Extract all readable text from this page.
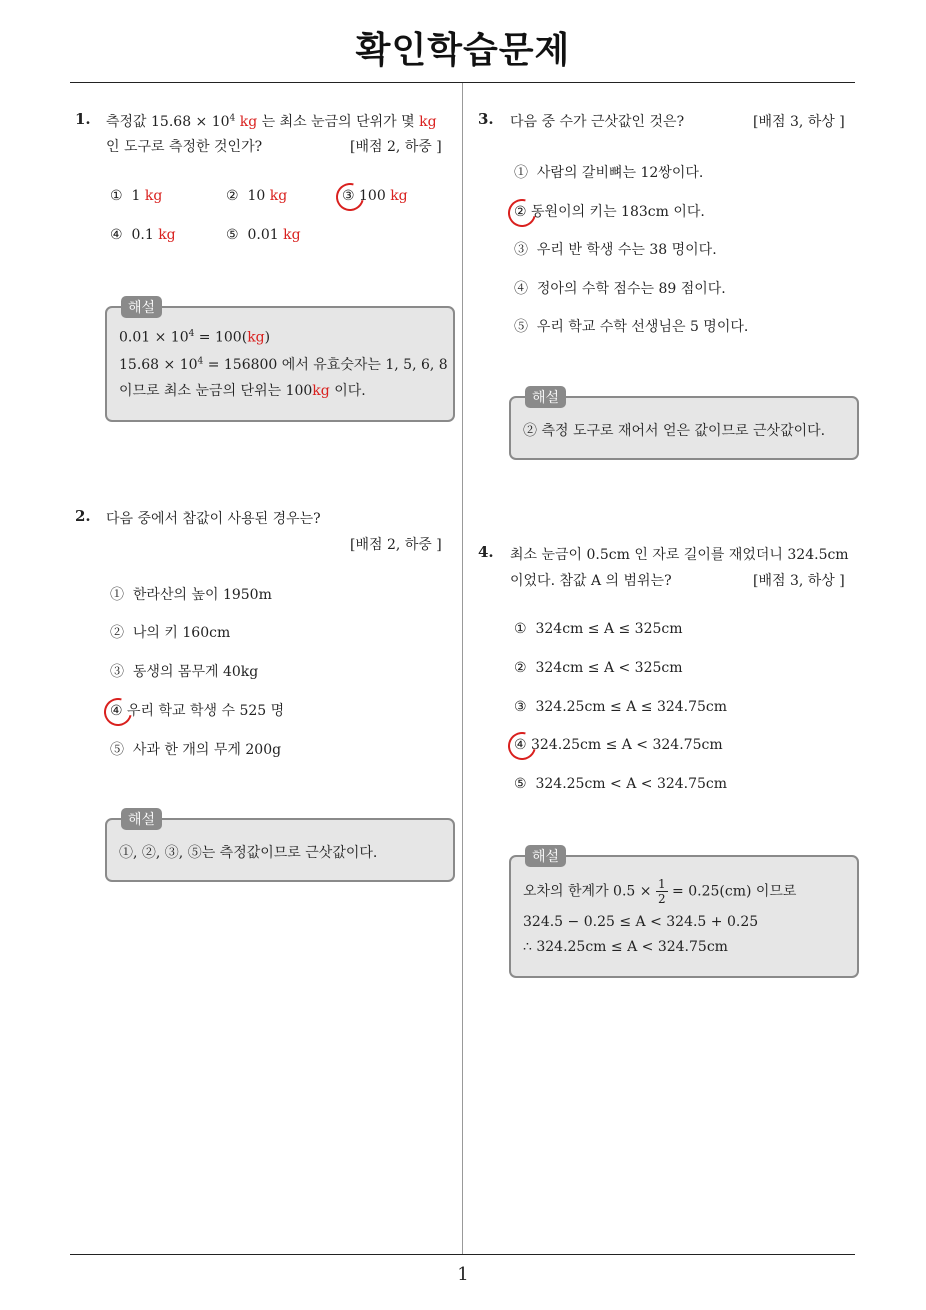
확인학습문제
1
1. 측정값 $15.68 \times 10^4$ kg 는 최소 눈금의 단위가 몇 kg
인 도구로 측정한 것인가?	[배점 2, 하중 ]
① 1 kg	② 10 kg	③ 100 kg
④ 0.1 kg	⑤ 0.01 kg
해설
$0.01 \times 10^4 = 100(kg)$
$15.68 \times 10^4 = 156800$ 에서 유효숫자는 1, 5, 6, 8
이므로 최소 눈금의 단위는 100kg 이다.
2. 다음 중에서 참값이 사용된 경우는?
[배점 2, 하중 ]
① 한라산의 높이 1950m
② 나의 키 160cm
③ 동생의 몸무게 40kg
④ 우리 학교 학생 수 525 명
⑤ 사과 한 개의 무게 200g
해설
①, ②, ③, ⑤는 측정값이므로 근삿값이다.
3. 다음 중 수가 근삿값인 것은?	[배점 3, 하상 ]
① 사람의 갈비뼈는 12쌍이다.
② 동원이의 키는 183cm 이다.
③ 우리 반 학생 수는 38 명이다.
④ 정아의 수학 점수는 89 점이다.
⑤ 우리 학교 수학 선생님은 5 명이다.
해설
② 측정 도구로 재어서 얻은 값이므로 근삿값이다.
4. 최소 눈금이 0.5cm 인 자로 길이를 재었더니 324.5cm
이었다. 참값 A 의 범위는?	[배점 3, 하상 ]
① 324cm ≤ A ≤ 325cm
② 324cm ≤ A < 325cm
③ 324.25cm ≤ A ≤ 324.75cm
④ 324.25cm ≤ A < 324.75cm
⑤ 324.25cm < A < 324.75cm
해설
오차의 한계가 $0.5 \times \frac{1}{2} = 0.25(cm)$ 이므로
324.5 − 0.25 ≤ A < 324.5 + 0.25
∴ 324.25cm ≤ A < 324.75cm
